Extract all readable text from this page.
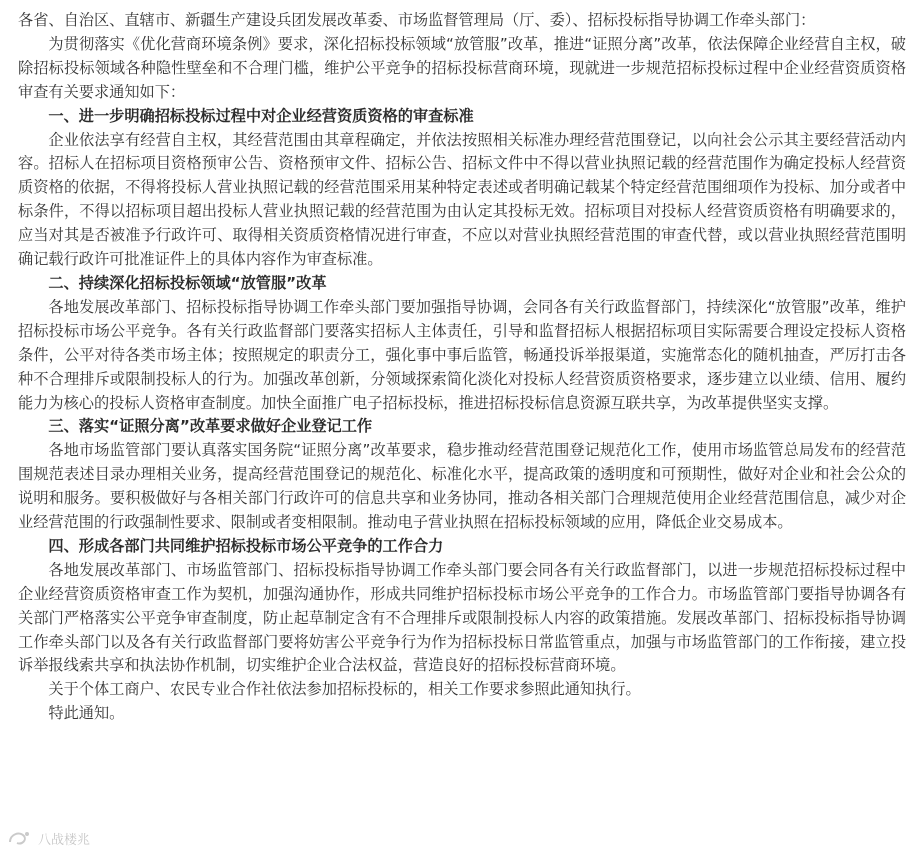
各省、自治区、直辖市、新疆生产建设兵团发展改革委、市场监督管理局（厅、委）、招标投标指导协调工作牵头部门：

为贯彻落实《优化营商环境条例》要求，深化招标投标领域“放管服”改革，推进“证照分离”改革，依法保障企业经营自主权，破除招标投标领域各种隐性壁垒和不合理门槛，维护公平竞争的招标投标营商环境，现就进一步规范招标投标过程中企业经营资质资格审查有关要求通知如下：

一、进一步明确招标投标过程中对企业经营资质资格的审查标准

企业依法享有经营自主权，其经营范围由其章程确定，并依法按照相关标准办理经营范围登记，以向社会公示其主要经营活动内容。招标人在招标项目资格预审公告、资格预审文件、招标公告、招标文件中不得以营业执照记载的经营范围作为确定投标人经营资质资格的依据，不得将投标人营业执照记载的经营范围采用某种特定表述或者明确记载某个特定经营范围细项作为投标、加分或者中标条件，不得以招标项目超出投标人营业执照记载的经营范围为由认定其投标无效。招标项目对投标人经营资质资格有明确要求的，应当对其是否被准予行政许可、取得相关资质资格情况进行审查，不应以对营业执照经营范围的审查代替，或以营业执照经营范围明确记载行政许可批准证件上的具体内容作为审查标准。

二、持续深化招标投标领域“放管服”改革

各地发展改革部门、招标投标指导协调工作牵头部门要加强指导协调，会同各有关行政监督部门，持续深化“放管服”改革，维护招标投标市场公平竞争。各有关行政监督部门要落实招标人主体责任，引导和监督招标人根据招标项目实际需要合理设定投标人资格条件，公平对待各类市场主体；按照规定的职责分工，强化事中事后监管，畅通投诉举报渠道，实施常态化的随机抽查，严厉打击各种不合理排斥或限制投标人的行为。加强改革创新，分领域探索简化淡化对投标人经营资质资格要求，逐步建立以业绩、信用、履约能力为核心的投标人资格审查制度。加快全面推广电子招标投标，推进招标投标信息资源互联共享，为改革提供坚实支撑。

三、落实“证照分离”改革要求做好企业登记工作

各地市场监管部门要认真落实国务院“证照分离”改革要求，稳步推动经营范围登记规范化工作，使用市场监管总局发布的经营范围规范表述目录办理相关业务，提高经营范围登记的规范化、标准化水平，提高政策的透明度和可预期性，做好对企业和社会公众的说明和服务。要积极做好与各相关部门行政许可的信息共享和业务协同，推动各相关部门合理规范使用企业经营范围信息，减少对企业经营范围的行政强制性要求、限制或者变相限制。推动电子营业执照在招标投标领域的应用，降低企业交易成本。

四、形成各部门共同维护招标投标市场公平竞争的工作合力

各地发展改革部门、市场监管部门、招标投标指导协调工作牵头部门要会同各有关行政监督部门，以进一步规范招标投标过程中企业经营资质资格审查工作为契机，加强沟通协作，形成共同维护招标投标市场公平竞争的工作合力。市场监管部门要指导协调各有关部门严格落实公平竞争审查制度，防止起草制定含有不合理排斥或限制投标人内容的政策措施。发展改革部门、招标投标指导协调工作牵头部门以及各有关行政监督部门要将妨害公平竞争行为作为招标投标日常监管重点，加强与市场监管部门的工作衔接，建立投诉举报线索共享和执法协作机制，切实维护企业合法权益，营造良好的招标投标营商环境。

关于个体工商户、农民专业合作社依法参加招标投标的，相关工作要求参照此通知执行。

特此通知。

八战楼兆
